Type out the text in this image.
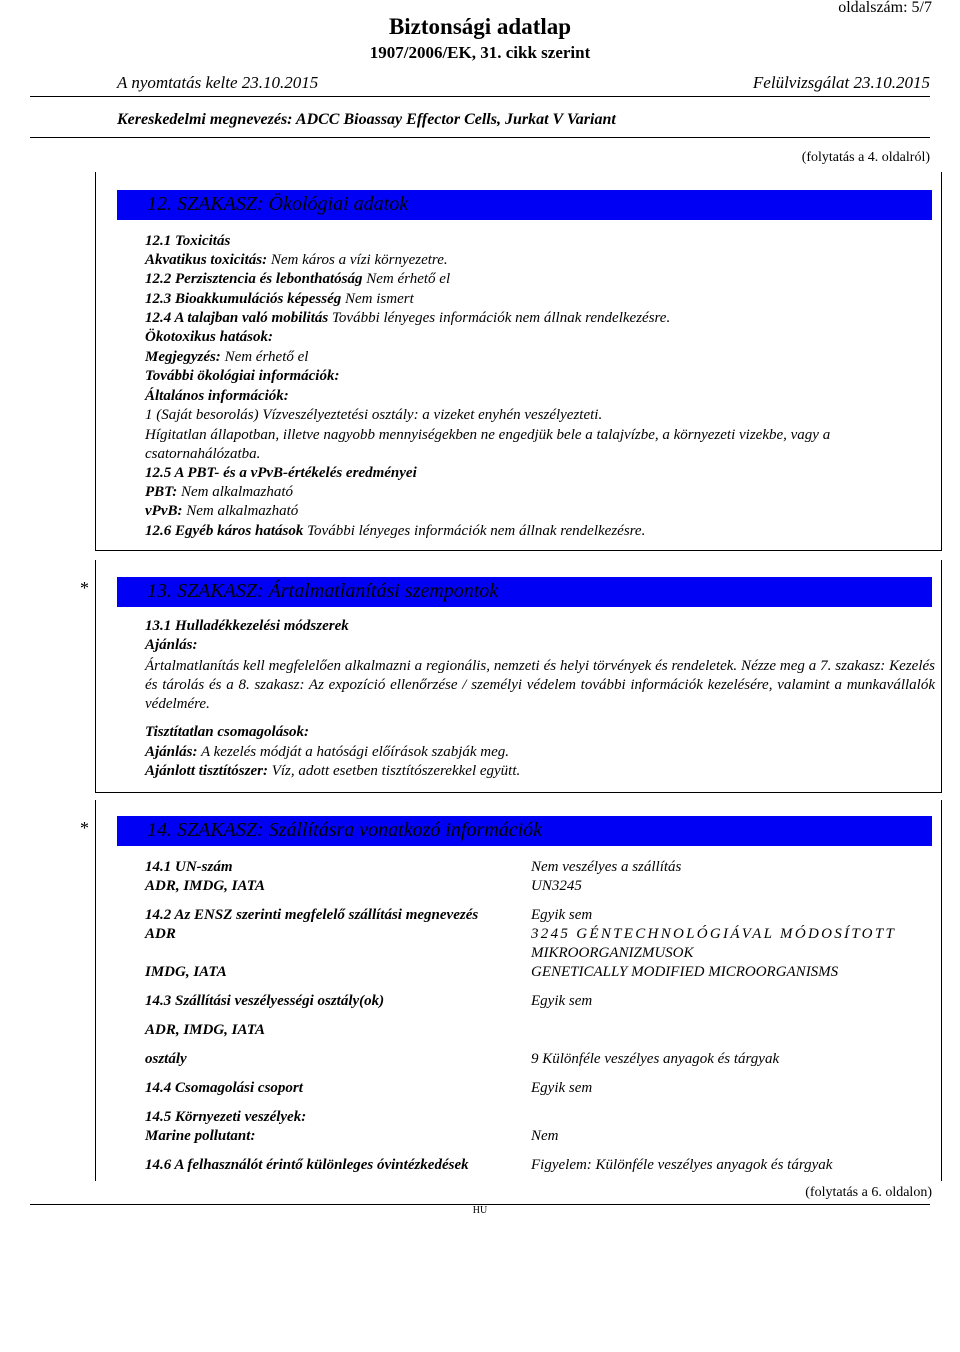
oldalszám: 5/7
Biztonsági adatlap
1907/2006/EK, 31. cikk szerint
A nyomtatás kelte 23.10.2015	Felülvizsgálat 23.10.2015
Kereskedelmi megnevezés: ADCC Bioassay Effector Cells, Jurkat V Variant
(folytatás a 4. oldalról)
12. SZAKASZ: Ökológiai adatok
12.1 Toxicitás
Akvatikus toxicitás: Nem káros a vízi környezetre.
12.2 Perzisztencia és lebonthatóság Nem érhető el
12.3 Bioakkumulációs képesség Nem ismert
12.4 A talajban való mobilitás További lényeges információk nem állnak rendelkezésre.
Ökotoxikus hatások:
Megjegyzés: Nem érhető el
További ökológiai információk:
Általános információk:
1 (Saját besorolás) Vízveszélyeztetési osztály: a vizeket enyhén veszélyezteti.
Hígitatlan állapotban, illetve nagyobb mennyiségekben ne engedjük bele a talajvízbe, a környezeti vizekbe, vagy a csatornahálózatba.
12.5 A PBT- és a vPvB-értékelés eredményei
PBT: Nem alkalmazható
vPvB: Nem alkalmazható
12.6 Egyéb káros hatások További lényeges információk nem állnak rendelkezésre.
*	13. SZAKASZ: Ártalmatlanítási szempontok
13.1 Hulladékkezelési módszerek
Ajánlás:
Ártalmatlanítás kell megfelelően alkalmazni a regionális, nemzeti és helyi törvények és rendeletek. Nézze meg a 7. szakasz: Kezelés és tárolás és a 8. szakasz: Az expozíció ellenőrzése / személyi védelem további információk kezelésére, valamint a munkavállalók védelmére.
Tisztítatlan csomagolások:
Ajánlás: A kezelés módját a hatósági előírások szabják meg.
Ajánlott tisztítószer: Víz, adott esetben tisztítószerekkel együtt.
*	14. SZAKASZ: Szállításra vonatkozó információk
14.1 UN-szám	Nem veszélyes a szállítás
ADR, IMDG, IATA	UN3245
14.2 Az ENSZ szerinti megfelelő szállítási megnevezés	Egyik sem
ADR	3245 GÉNTECHNOLÓGIÁVAL MÓDOSÍTOTT
MIKROORGANIZMUSOK
IMDG, IATA	GENETICALLY MODIFIED MICROORGANISMS
14.3 Szállítási veszélyességi osztály(ok)	Egyik sem
ADR, IMDG, IATA
osztály	9 Különféle veszélyes anyagok és tárgyak
14.4 Csomagolási csoport	Egyik sem
14.5 Környezeti veszélyek:
Marine pollutant:	Nem
14.6 A felhasználót érintő különleges óvintézkedések	Figyelem: Különféle veszélyes anyagok és tárgyak
(folytatás a 6. oldalon)
HU
